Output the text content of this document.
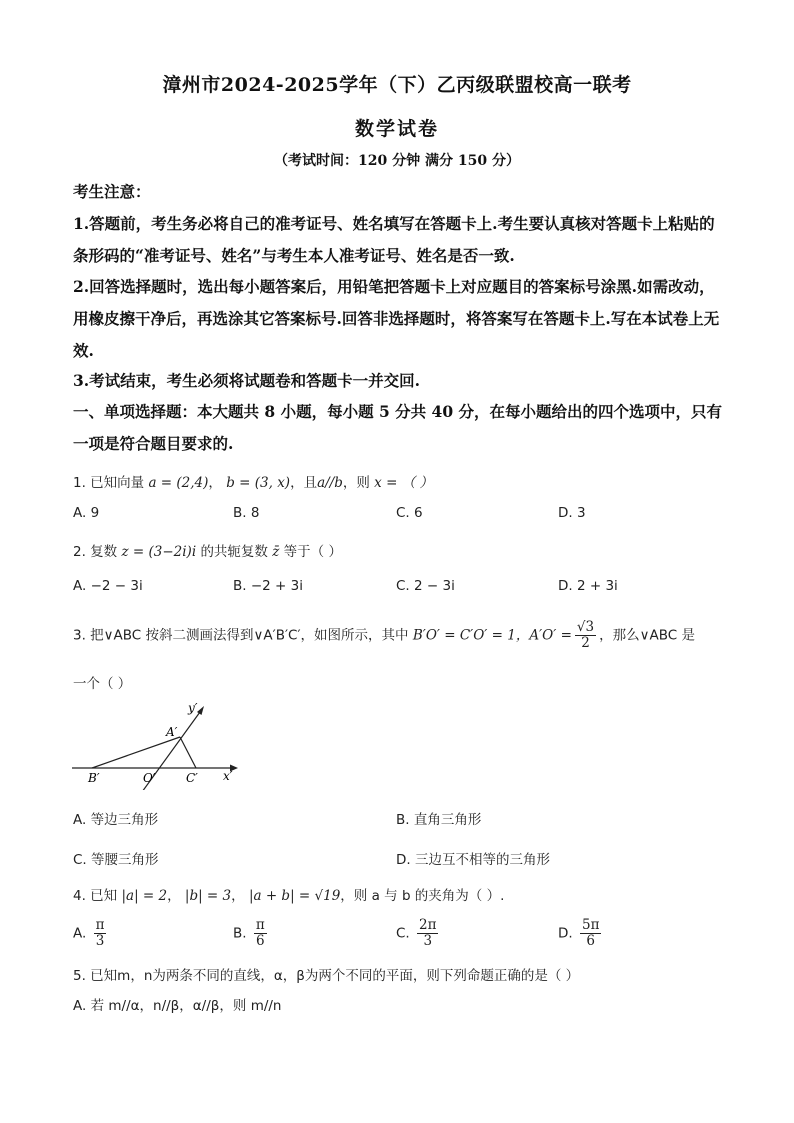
漳州市2024-2025学年（下）乙丙级联盟校高一联考
数学试卷
（考试时间：120 分钟 满分 150 分）
考生注意：
1.答题前，考生务必将自己的准考证号、姓名填写在答题卡上.考生要认真核对答题卡上粘贴的条形码的“准考证号、姓名”与考生本人准考证号、姓名是否一致.
2.回答选择题时，选出每小题答案后，用铅笔把答题卡上对应题目的答案标号涂黑.如需改动，用橡皮擦干净后，再选涂其它答案标号.回答非选择题时，将答案写在答题卡上.写在本试卷上无效.
3.考试结束，考生必须将试题卷和答题卡一并交回.
一、单项选择题：本大题共 8 小题，每小题 5 分共 40 分，在每小题给出的四个选项中，只有一项是符合题目要求的.
1. 已知向量 a = (2,4)， b = (3, x)，且a//b，则 x = （ ）
A. 9	B. 8	C. 6	D. 3
2. 复数 z = (3−2i)i 的共轭复数 z̄ 等于（ ）
A. −2 − 3i	B. −2 + 3i	C. 2 − 3i	D. 2 + 3i
3. 把∨ABC 按斜二测画法得到∨A′B′C′，如图所示，其中 B′O′ = C′O′ = 1，$A'O' = \frac{√3}{2}$ ，那么∨ABC 是
一个（ ）
y′
x′
A′
B′	O′	C′
A. 等边三角形	B. 直角三角形
C. 等腰三角形	D. 三边互不相等的三角形
4. 已知 |a| = 2， |b| = 3， |a + b| = √19，则 a 与 b 的夹角为（ ）.
A. $\frac{\pi}{3}$	B. $\frac{\pi}{6}$	C. $\frac{2\pi}{3}$	D. $\frac{5\pi}{6}$
5. 已知m，n为两条不同的直线，α，β为两个不同的平面，则下列命题正确的是（ ）
A. 若 m//α，n//β，α//β，则 m//n
